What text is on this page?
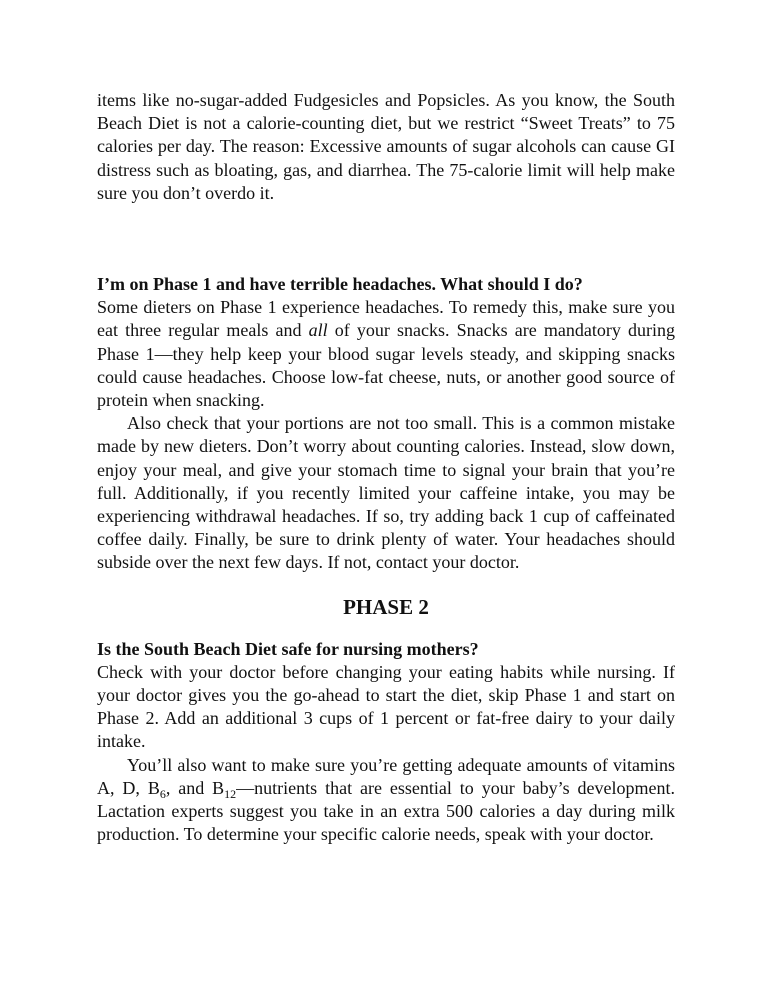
items like no-sugar-added Fudgesicles and Popsicles. As you know, the South Beach Diet is not a calorie-counting diet, but we restrict “Sweet Treats” to 75 calories per day. The reason: Excessive amounts of sugar alcohols can cause GI distress such as bloating, gas, and diarrhea. The 75-calorie limit will help make sure you don’t overdo it.

I’m on Phase 1 and have terrible headaches. What should I do?

Some dieters on Phase 1 experience headaches. To remedy this, make sure you eat three regular meals and all of your snacks. Snacks are mandatory during Phase 1—they help keep your blood sugar levels steady, and skipping snacks could cause headaches. Choose low-fat cheese, nuts, or another good source of protein when snacking.

Also check that your portions are not too small. This is a common mistake made by new dieters. Don’t worry about counting calories. Instead, slow down, enjoy your meal, and give your stomach time to signal your brain that you’re full. Additionally, if you recently limited your caffeine intake, you may be experiencing withdrawal headaches. If so, try adding back 1 cup of caffeinated coffee daily. Finally, be sure to drink plenty of water. Your headaches should subside over the next few days. If not, contact your doctor.

PHASE 2
Is the South Beach Diet safe for nursing mothers?

Check with your doctor before changing your eating habits while nursing. If your doctor gives you the go-ahead to start the diet, skip Phase 1 and start on Phase 2. Add an additional 3 cups of 1 percent or fat-free dairy to your daily intake.

You’ll also want to make sure you’re getting adequate amounts of vitamins A, D, $B_6$, and $B_{12}—nutrients$ that are essential to your baby’s development. Lactation experts suggest you take in an extra 500 calories a day during milk production. To determine your specific calorie needs, speak with your doctor.
